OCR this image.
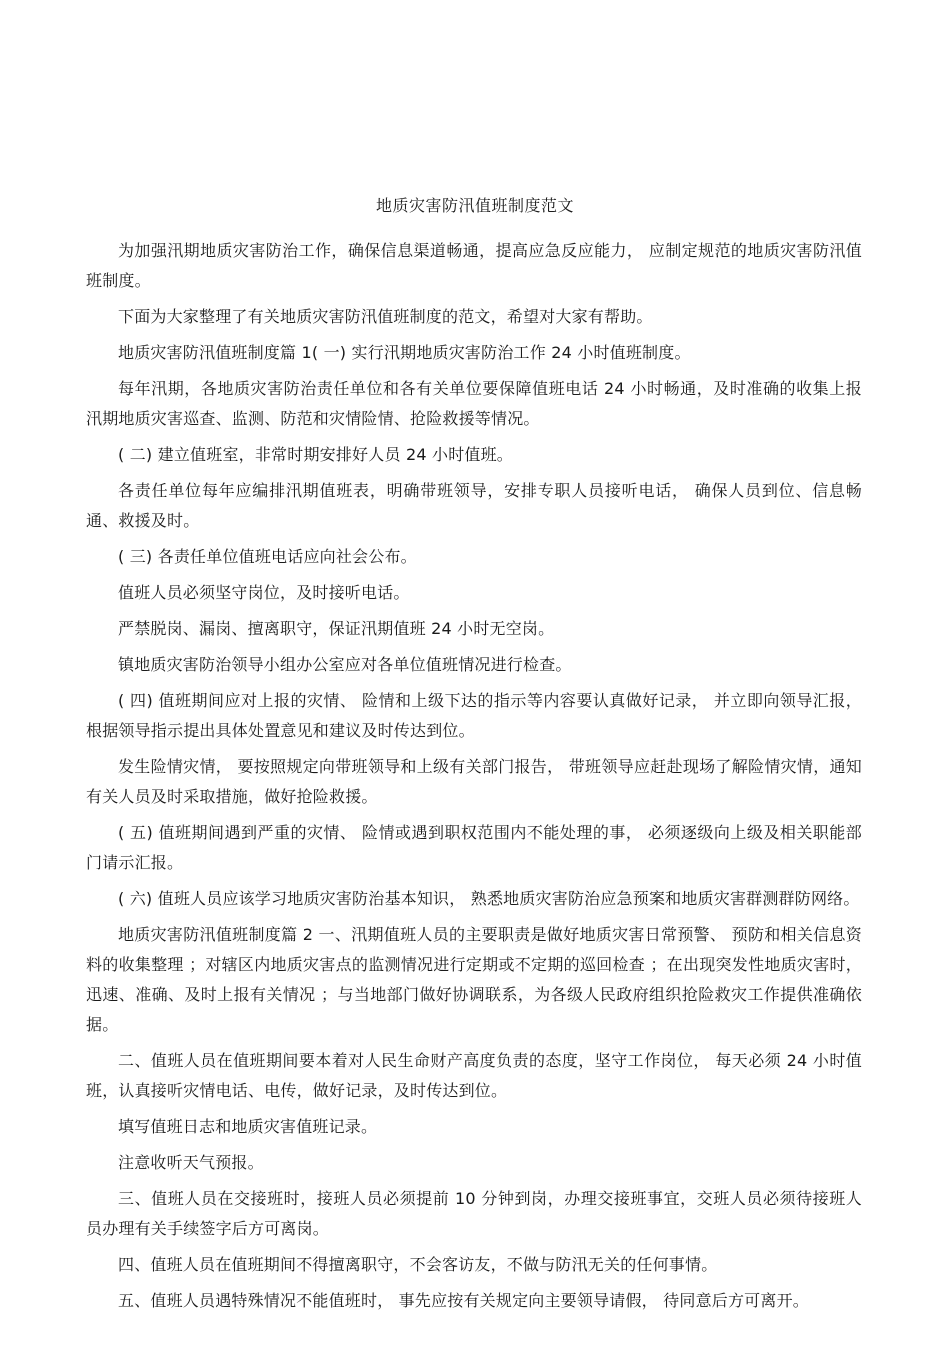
地质灾害防汛值班制度范文

为加强汛期地质灾害防治工作，确保信息渠道畅通，提高应急反应能力， 应制定规范的地质灾害防汛值班制度。

下面为大家整理了有关地质灾害防汛值班制度的范文，希望对大家有帮助。

地质灾害防汛值班制度篇 1( 一) 实行汛期地质灾害防治工作 24 小时值班制度。

每年汛期，各地质灾害防治责任单位和各有关单位要保障值班电话 24 小时畅通，及时准确的收集上报汛期地质灾害巡查、监测、防范和灾情险情、抢险救援等情况。

( 二) 建立值班室，非常时期安排好人员 24 小时值班。

各责任单位每年应编排汛期值班表，明确带班领导，安排专职人员接听电话， 确保人员到位、信息畅通、救援及时。

( 三) 各责任单位值班电话应向社会公布。

值班人员必须坚守岗位，及时接听电话。

严禁脱岗、漏岗、擅离职守，保证汛期值班 24 小时无空岗。

镇地质灾害防治领导小组办公室应对各单位值班情况进行检查。

( 四) 值班期间应对上报的灾情、 险情和上级下达的指示等内容要认真做好记录， 并立即向领导汇报，根据领导指示提出具体处置意见和建议及时传达到位。

发生险情灾情， 要按照规定向带班领导和上级有关部门报告， 带班领导应赶赴现场了解险情灾情，通知有关人员及时采取措施，做好抢险救援。

( 五) 值班期间遇到严重的灾情、 险情或遇到职权范围内不能处理的事， 必须逐级向上级及相关职能部门请示汇报。

( 六) 值班人员应该学习地质灾害防治基本知识， 熟悉地质灾害防治应急预案和地质灾害群测群防网络。

地质灾害防汛值班制度篇 2 一、汛期值班人员的主要职责是做好地质灾害日常预警、 预防和相关信息资料的收集整理 ；对辖区内地质灾害点的监测情况进行定期或不定期的巡回检查 ；在出现突发性地质灾害时，迅速、准确、及时上报有关情况 ；与当地部门做好协调联系，为各级人民政府组织抢险救灾工作提供准确依据。

二、值班人员在值班期间要本着对人民生命财产高度负责的态度，坚守工作岗位， 每天必须 24 小时值班，认真接听灾情电话、电传，做好记录，及时传达到位。

填写值班日志和地质灾害值班记录。

注意收听天气预报。

三、值班人员在交接班时，接班人员必须提前 10 分钟到岗，办理交接班事宜，交班人员必须待接班人员办理有关手续签字后方可离岗。

四、值班人员在值班期间不得擅离职守，不会客访友，不做与防汛无关的任何事情。

五、值班人员遇特殊情况不能值班时， 事先应按有关规定向主要领导请假， 待同意后方可离开。
